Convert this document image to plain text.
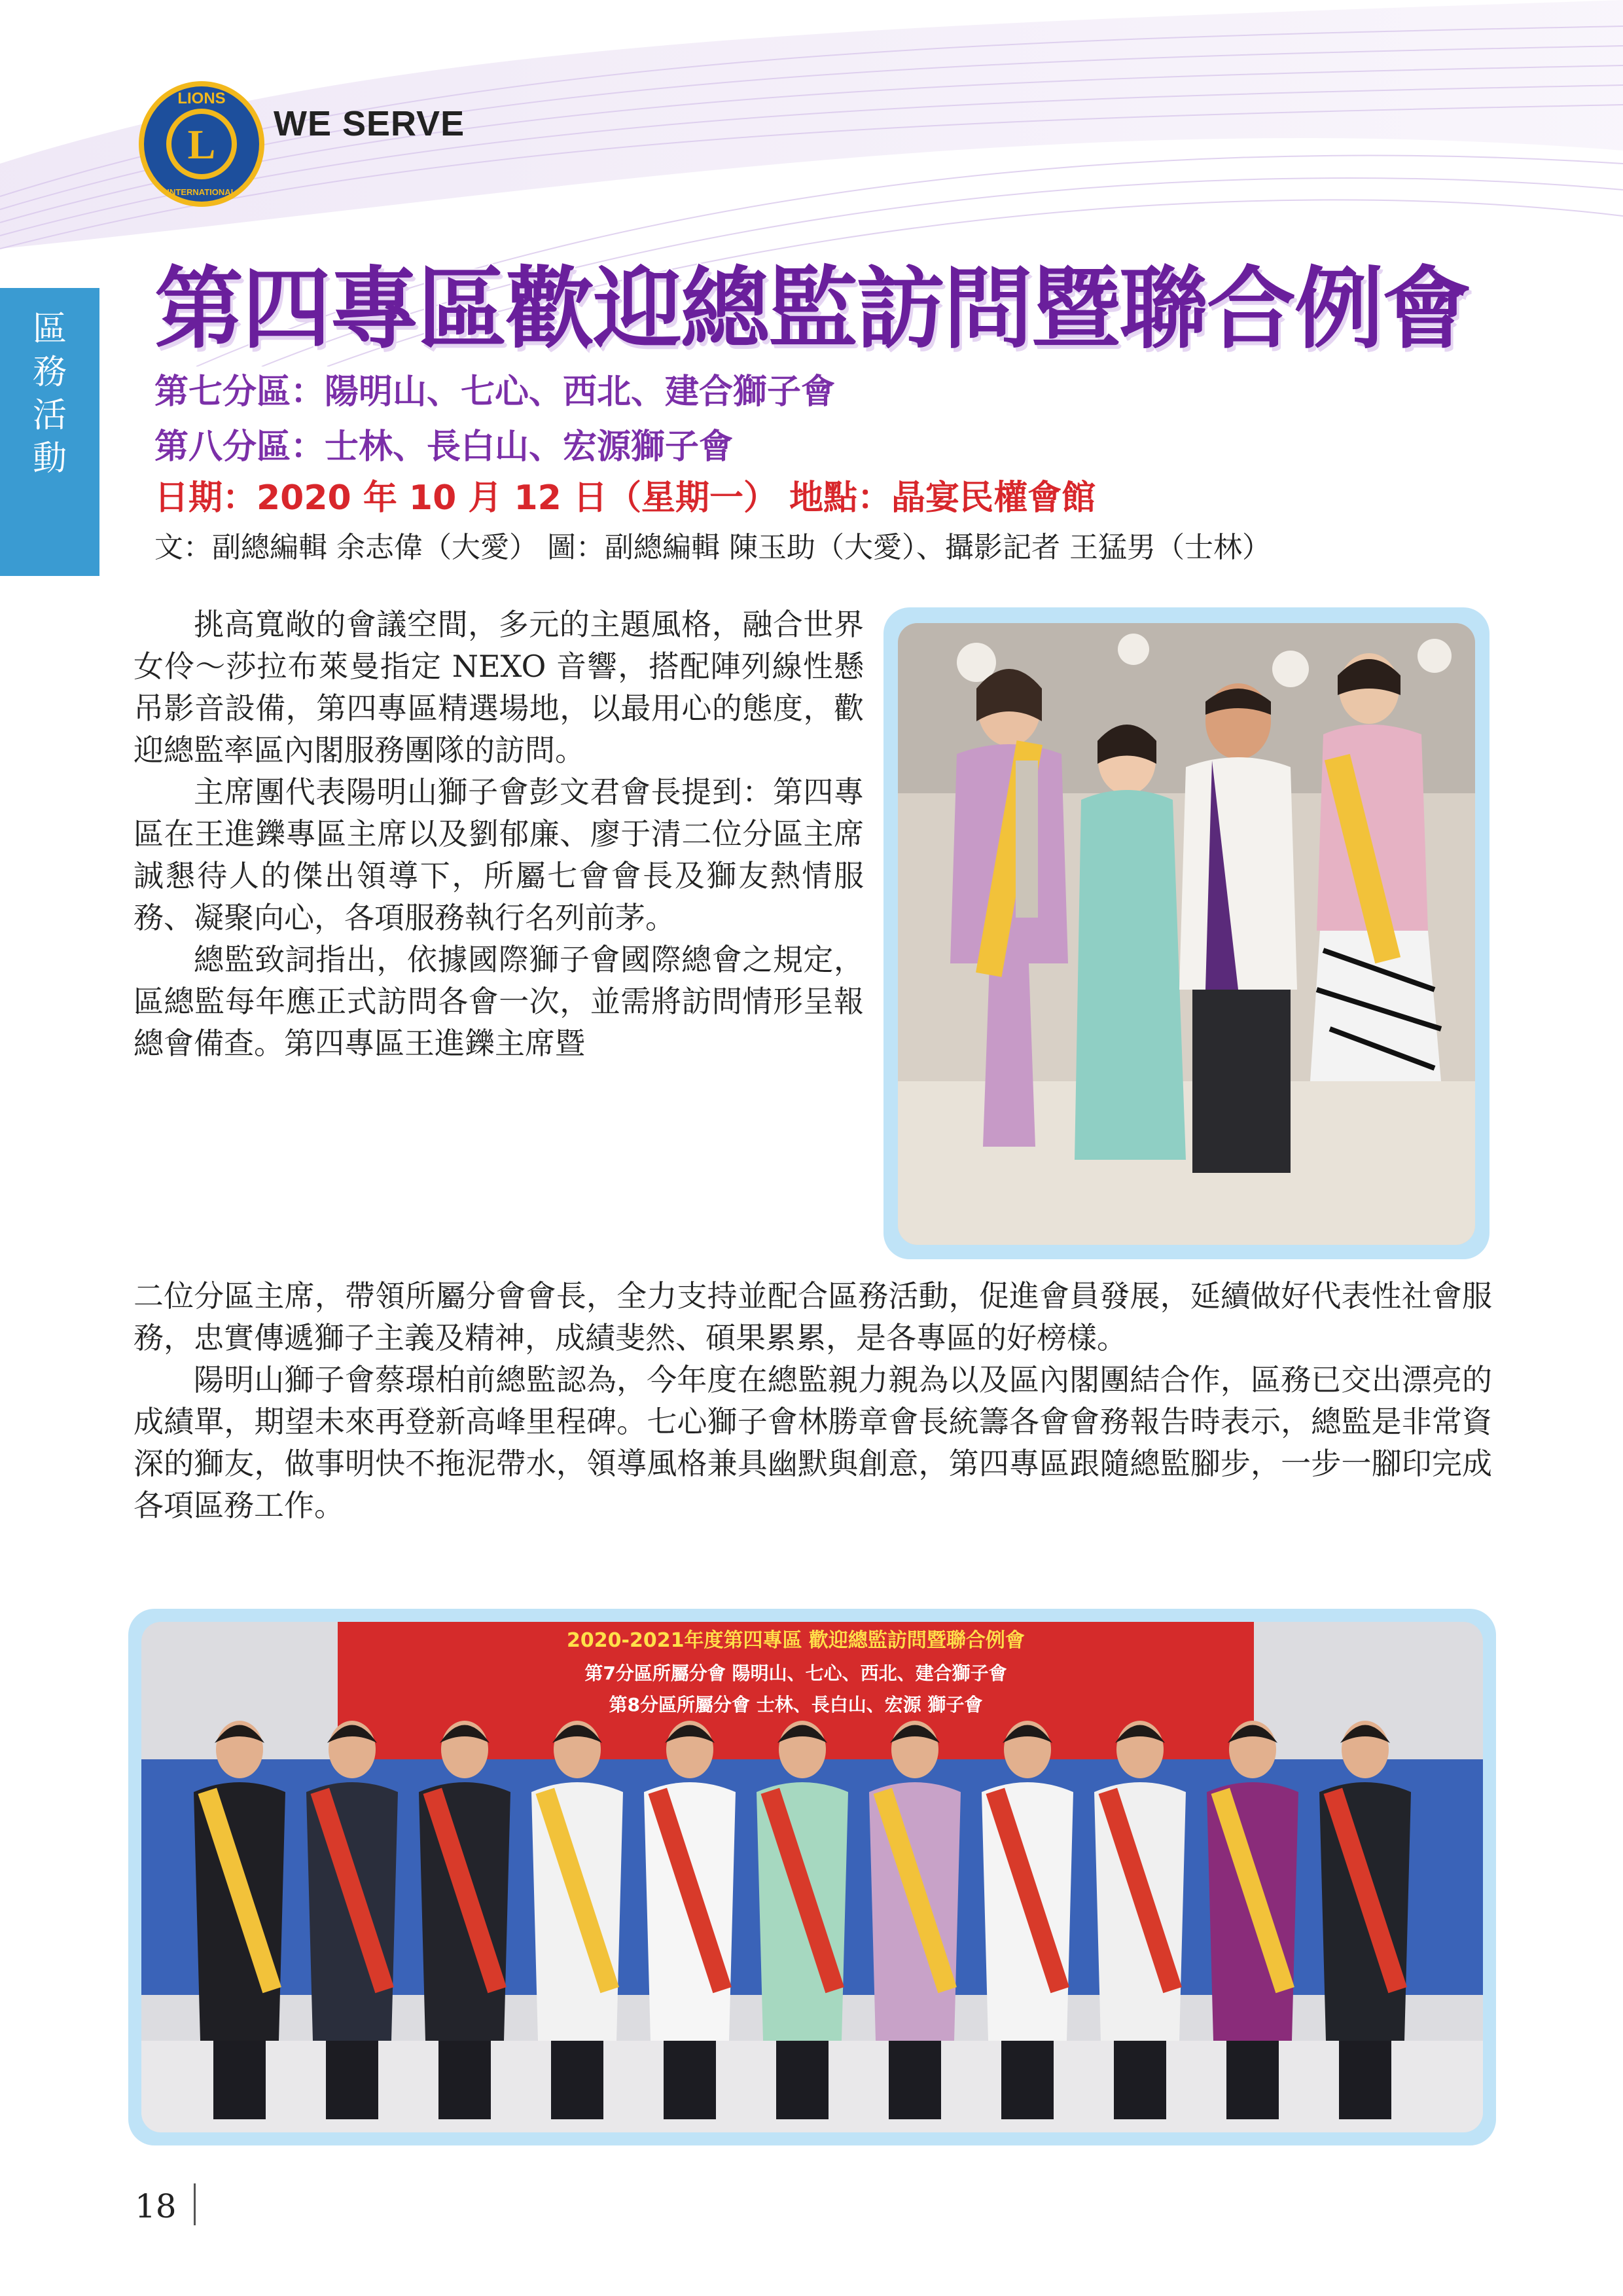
L
LIONS
INTERNATIONAL
WE SERVE
區
務
活
動
第四專區歡迎總監訪問暨聯合例會
第七分區：陽明山、七心、西北、建合獅子會
第八分區：士林、長白山、宏源獅子會
日期：2020 年 10 月 12 日（星期一） 地點：晶宴民權會館
文：副總編輯 余志偉（大愛） 圖：副總編輯 陳玉助（大愛）、攝影記者 王猛男（士林）

挑高寬敞的會議空間，多元的主題風格，融合世界女伶～莎拉布萊曼指定 NEXO 音響，搭配陣列線性懸吊影音設備，第四專區精選場地，以最用心的態度，歡迎總監率區內閣服務團隊的訪問。

主席團代表陽明山獅子會彭文君會長提到：第四專區在王進鑠專區主席以及劉郁廉、廖于清二位分區主席誠懇待人的傑出領導下，所屬七會會長及獅友熱情服務、凝聚向心，各項服務執行名列前茅。

總監致詞指出，依據國際獅子會國際總會之規定，區總監每年應正式訪問各會一次，並需將訪問情形呈報總會備查。第四專區王進鑠主席暨

二位分區主席，帶領所屬分會會長，全力支持並配合區務活動，促進會員發展，延續做好代表性社會服務，忠實傳遞獅子主義及精神，成績斐然、碩果累累，是各專區的好榜樣。

陽明山獅子會蔡璟柏前總監認為，今年度在總監親力親為以及區內閣團結合作，區務已交出漂亮的成績單，期望未來再登新高峰里程碑。七心獅子會林勝章會長統籌各會會務報告時表示，總監是非常資深的獅友，做事明快不拖泥帶水，領導風格兼具幽默與創意，第四專區跟隨總監腳步，一步一腳印完成各項區務工作。

2020-2021年度第四專區 歡迎總監訪問暨聯合例會
第7分區所屬分會 陽明山、七心、西北、建合獅子會
第8分區所屬分會 士林、長白山、宏源 獅子會
18
